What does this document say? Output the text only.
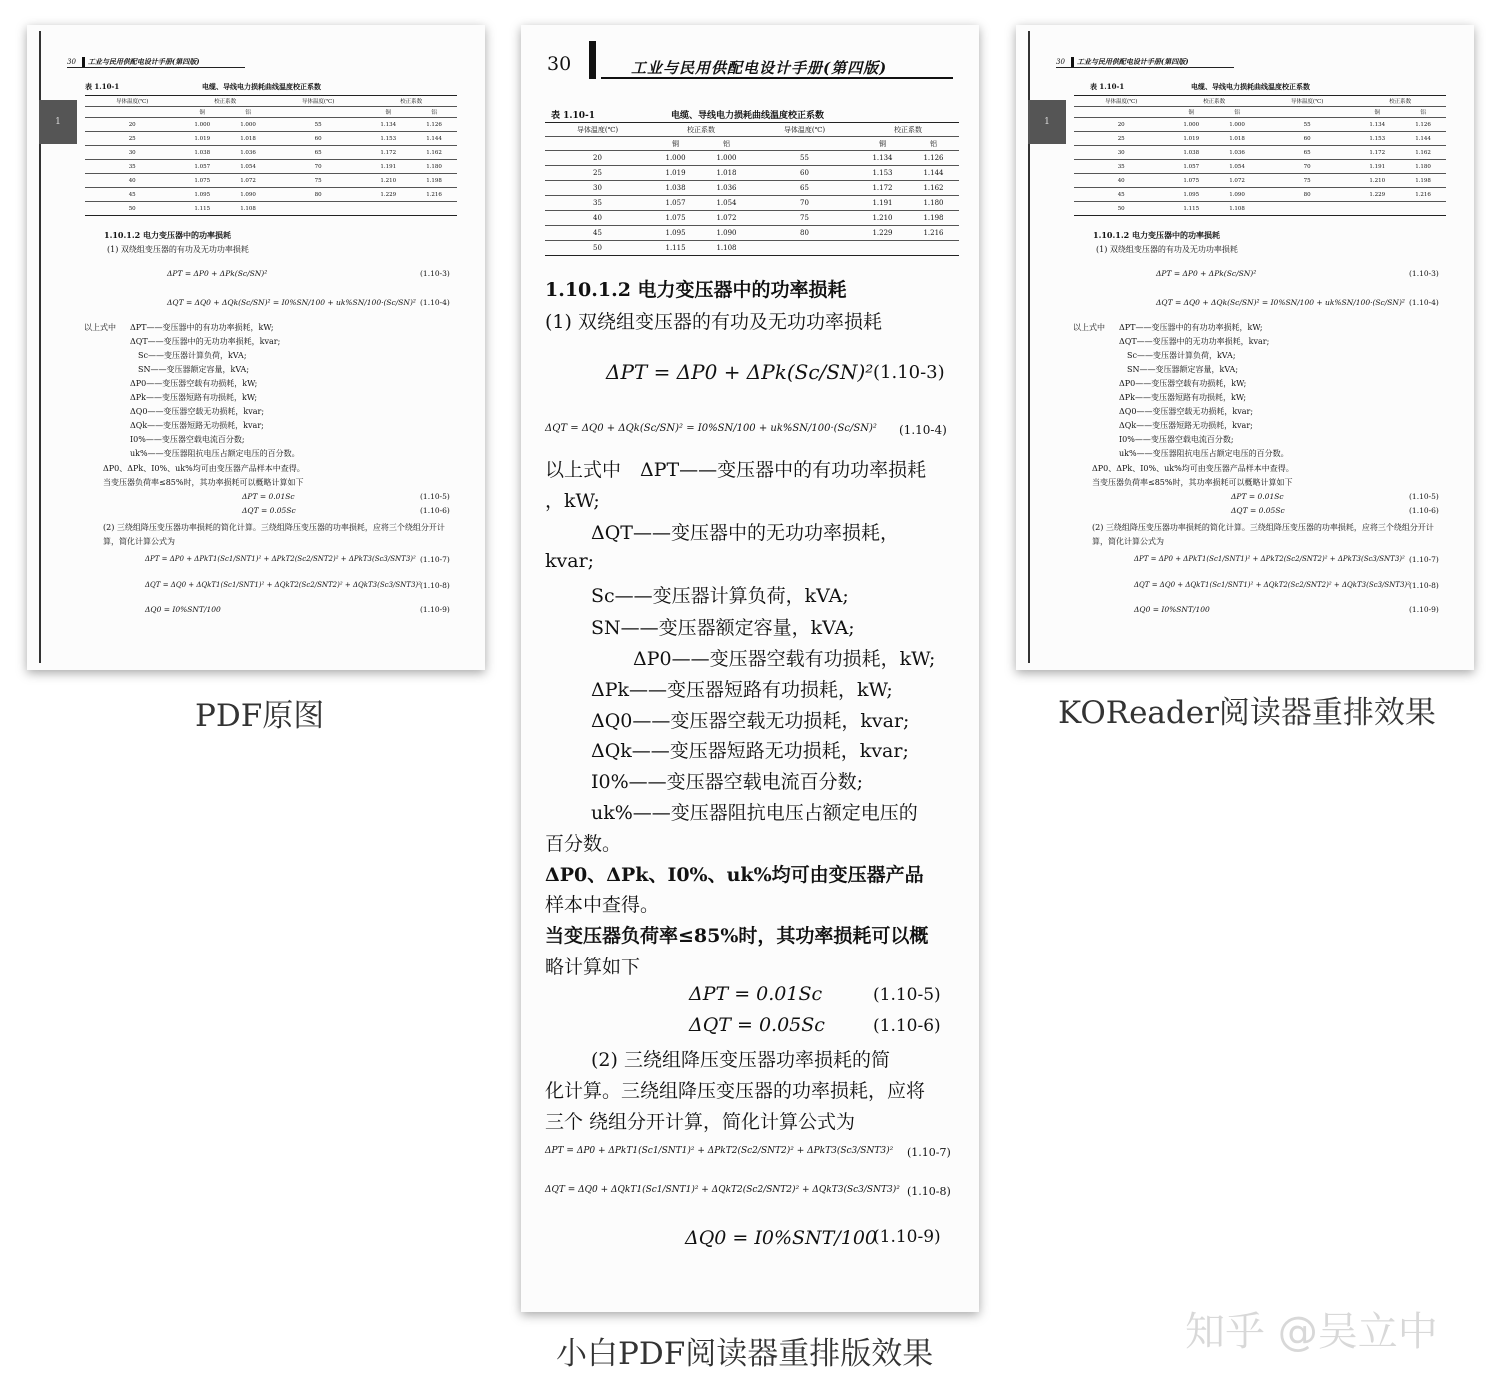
1
30 工业与民用供配电设计手册(第四版)
表 1.10-1	电缆、导线电力损耗曲线温度校正系数
导体温度(℃)	校正系数		导体温度(℃)	校正系数	
	铜	铝		铜	铝
20	1.000	1.000	55	1.134	1.126
25	1.019	1.018	60	1.153	1.144
30	1.038	1.036	65	1.172	1.162
35	1.057	1.054	70	1.191	1.180
40	1.075	1.072	75	1.210	1.198
45	1.095	1.090	80	1.229	1.216
50	1.115	1.108			
1.10.1.2 电力变压器中的功率损耗
(1) 双绕组变压器的有功及无功功率损耗
ΔPT = ΔP0 + ΔPk(Sc/SN)²	(1.10-3)
ΔQT = ΔQ0 + ΔQk(Sc/SN)² = I0%SN/100 + uk%SN/100·(Sc/SN)² (1.10-4)
以上式中 ΔPT——变压器中的有功功率损耗，kW;
ΔQT——变压器中的无功功率损耗，kvar;
Sc——变压器计算负荷，kVA;
SN——变压器额定容量，kVA;
ΔP0——变压器空载有功损耗，kW;
ΔPk——变压器短路有功损耗，kW;
ΔQ0——变压器空载无功损耗，kvar;
ΔQk——变压器短路无功损耗，kvar;
I0%——变压器空载电流百分数;
uk%——变压器阻抗电压占额定电压的百分数。
ΔP0、ΔPk、I0%、uk%均可由变压器产品样本中查得。
当变压器负荷率≤85%时，其功率损耗可以概略计算如下
ΔPT = 0.01Sc	(1.10-5)
ΔQT = 0.05Sc	(1.10-6)
(2) 三绕组降压变压器功率损耗的简化计算。三绕组降压变压器的功率损耗，应将三个绕组分开计算，简化计算公式为
ΔPT = ΔP0 + ΔPkT1(Sc1/SNT1)² + ΔPkT2(Sc2/SNT2)² + ΔPkT3(Sc3/SNT3)² (1.10-7)
ΔQT = ΔQ0 + ΔQkT1(Sc1/SNT1)² + ΔQkT2(Sc2/SNT2)² + ΔQkT3(Sc3/SNT3)² (1.10-8)
ΔQ0 = I0%SNT/100	(1.10-9)
30	工业与民用供配电设计手册(第四版)
表 1.10-1	电缆、导线电力损耗曲线温度校正系数
导体温度(℃)	校正系数		导体温度(℃)	校正系数	
	铜	铝		铜	铝
20	1.000	1.000	55	1.134	1.126
25	1.019	1.018	60	1.153	1.144
30	1.038	1.036	65	1.172	1.162
35	1.057	1.054	70	1.191	1.180
40	1.075	1.072	75	1.210	1.198
45	1.095	1.090	80	1.229	1.216
50	1.115	1.108			
1.10.1.2 电力变压器中的功率损耗
(1) 双绕组变压器的有功及无功功率损耗
ΔPT = ΔP0 + ΔPk(Sc/SN)² (1.10-3)
ΔQT = ΔQ0 + ΔQk(Sc/SN)² = I0%SN/100 + uk%SN/100·(Sc/SN)² (1.10-4)
以上式中　ΔPT——变压器中的有功功率损耗
，kW;
ΔQT——变压器中的无功功率损耗，
kvar;
Sc——变压器计算负荷，kVA;
SN——变压器额定容量，kVA;
ΔP0——变压器空载有功损耗，kW;
ΔPk——变压器短路有功损耗，kW;
ΔQ0——变压器空载无功损耗，kvar;
ΔQk——变压器短路无功损耗，kvar;
I0%——变压器空载电流百分数;
uk%——变压器阻抗电压占额定电压的
百分数。
ΔP0、ΔPk、I0%、uk%均可由变压器产品
样本中查得。
当变压器负荷率≤85%时，其功率损耗可以概
略计算如下
ΔPT = 0.01Sc	(1.10-5)
ΔQT = 0.05Sc	(1.10-6)
(2) 三绕组降压变压器功率损耗的简
化计算。三绕组降压变压器的功率损耗，应将
三个 绕组分开计算，简化计算公式为
ΔPT = ΔP0 + ΔPkT1(Sc1/SNT1)² + ΔPkT2(Sc2/SNT2)² + ΔPkT3(Sc3/SNT3)² (1.10-7)
ΔQT = ΔQ0 + ΔQkT1(Sc1/SNT1)² + ΔQkT2(Sc2/SNT2)² + ΔQkT3(Sc3/SNT3)² (1.10-8)
ΔQ0 = I0%SNT/100
(1.10-9)
1
30 工业与民用供配电设计手册(第四版)
表 1.10-1	电缆、导线电力损耗曲线温度校正系数
导体温度(℃)	校正系数		导体温度(℃)	校正系数	
	铜	铝		铜	铝
20	1.000	1.000	55	1.134	1.126
25	1.019	1.018	60	1.153	1.144
30	1.038	1.036	65	1.172	1.162
35	1.057	1.054	70	1.191	1.180
40	1.075	1.072	75	1.210	1.198
45	1.095	1.090	80	1.229	1.216
50	1.115	1.108			
1.10.1.2 电力变压器中的功率损耗
(1) 双绕组变压器的有功及无功功率损耗
ΔPT = ΔP0 + ΔPk(Sc/SN)²	(1.10-3)
ΔQT = ΔQ0 + ΔQk(Sc/SN)² = I0%SN/100 + uk%SN/100·(Sc/SN)² (1.10-4)
以上式中 ΔPT——变压器中的有功功率损耗，kW;
ΔQT——变压器中的无功功率损耗，kvar;
Sc——变压器计算负荷，kVA;
SN——变压器额定容量，kVA;
ΔP0——变压器空载有功损耗，kW;
ΔPk——变压器短路有功损耗，kW;
ΔQ0——变压器空载无功损耗，kvar;
ΔQk——变压器短路无功损耗，kvar;
I0%——变压器空载电流百分数;
uk%——变压器阻抗电压占额定电压的百分数。
ΔP0、ΔPk、I0%、uk%均可由变压器产品样本中查得。
当变压器负荷率≤85%时，其功率损耗可以概略计算如下
ΔPT = 0.01Sc	(1.10-5)
ΔQT = 0.05Sc	(1.10-6)
(2) 三绕组降压变压器功率损耗的简化计算。三绕组降压变压器的功率损耗，应将三个绕组分开计算，简化计算公式为
ΔPT = ΔP0 + ΔPkT1(Sc1/SNT1)² + ΔPkT2(Sc2/SNT2)² + ΔPkT3(Sc3/SNT3)² (1.10-7)
ΔQT = ΔQ0 + ΔQkT1(Sc1/SNT1)² + ΔQkT2(Sc2/SNT2)² + ΔQkT3(Sc3/SNT3)² (1.10-8)
ΔQ0 = I0%SNT/100	(1.10-9)
PDF原图	KOReader阅读器重排效果
小白PDF阅读器重排版效果	知乎 @吴立中
